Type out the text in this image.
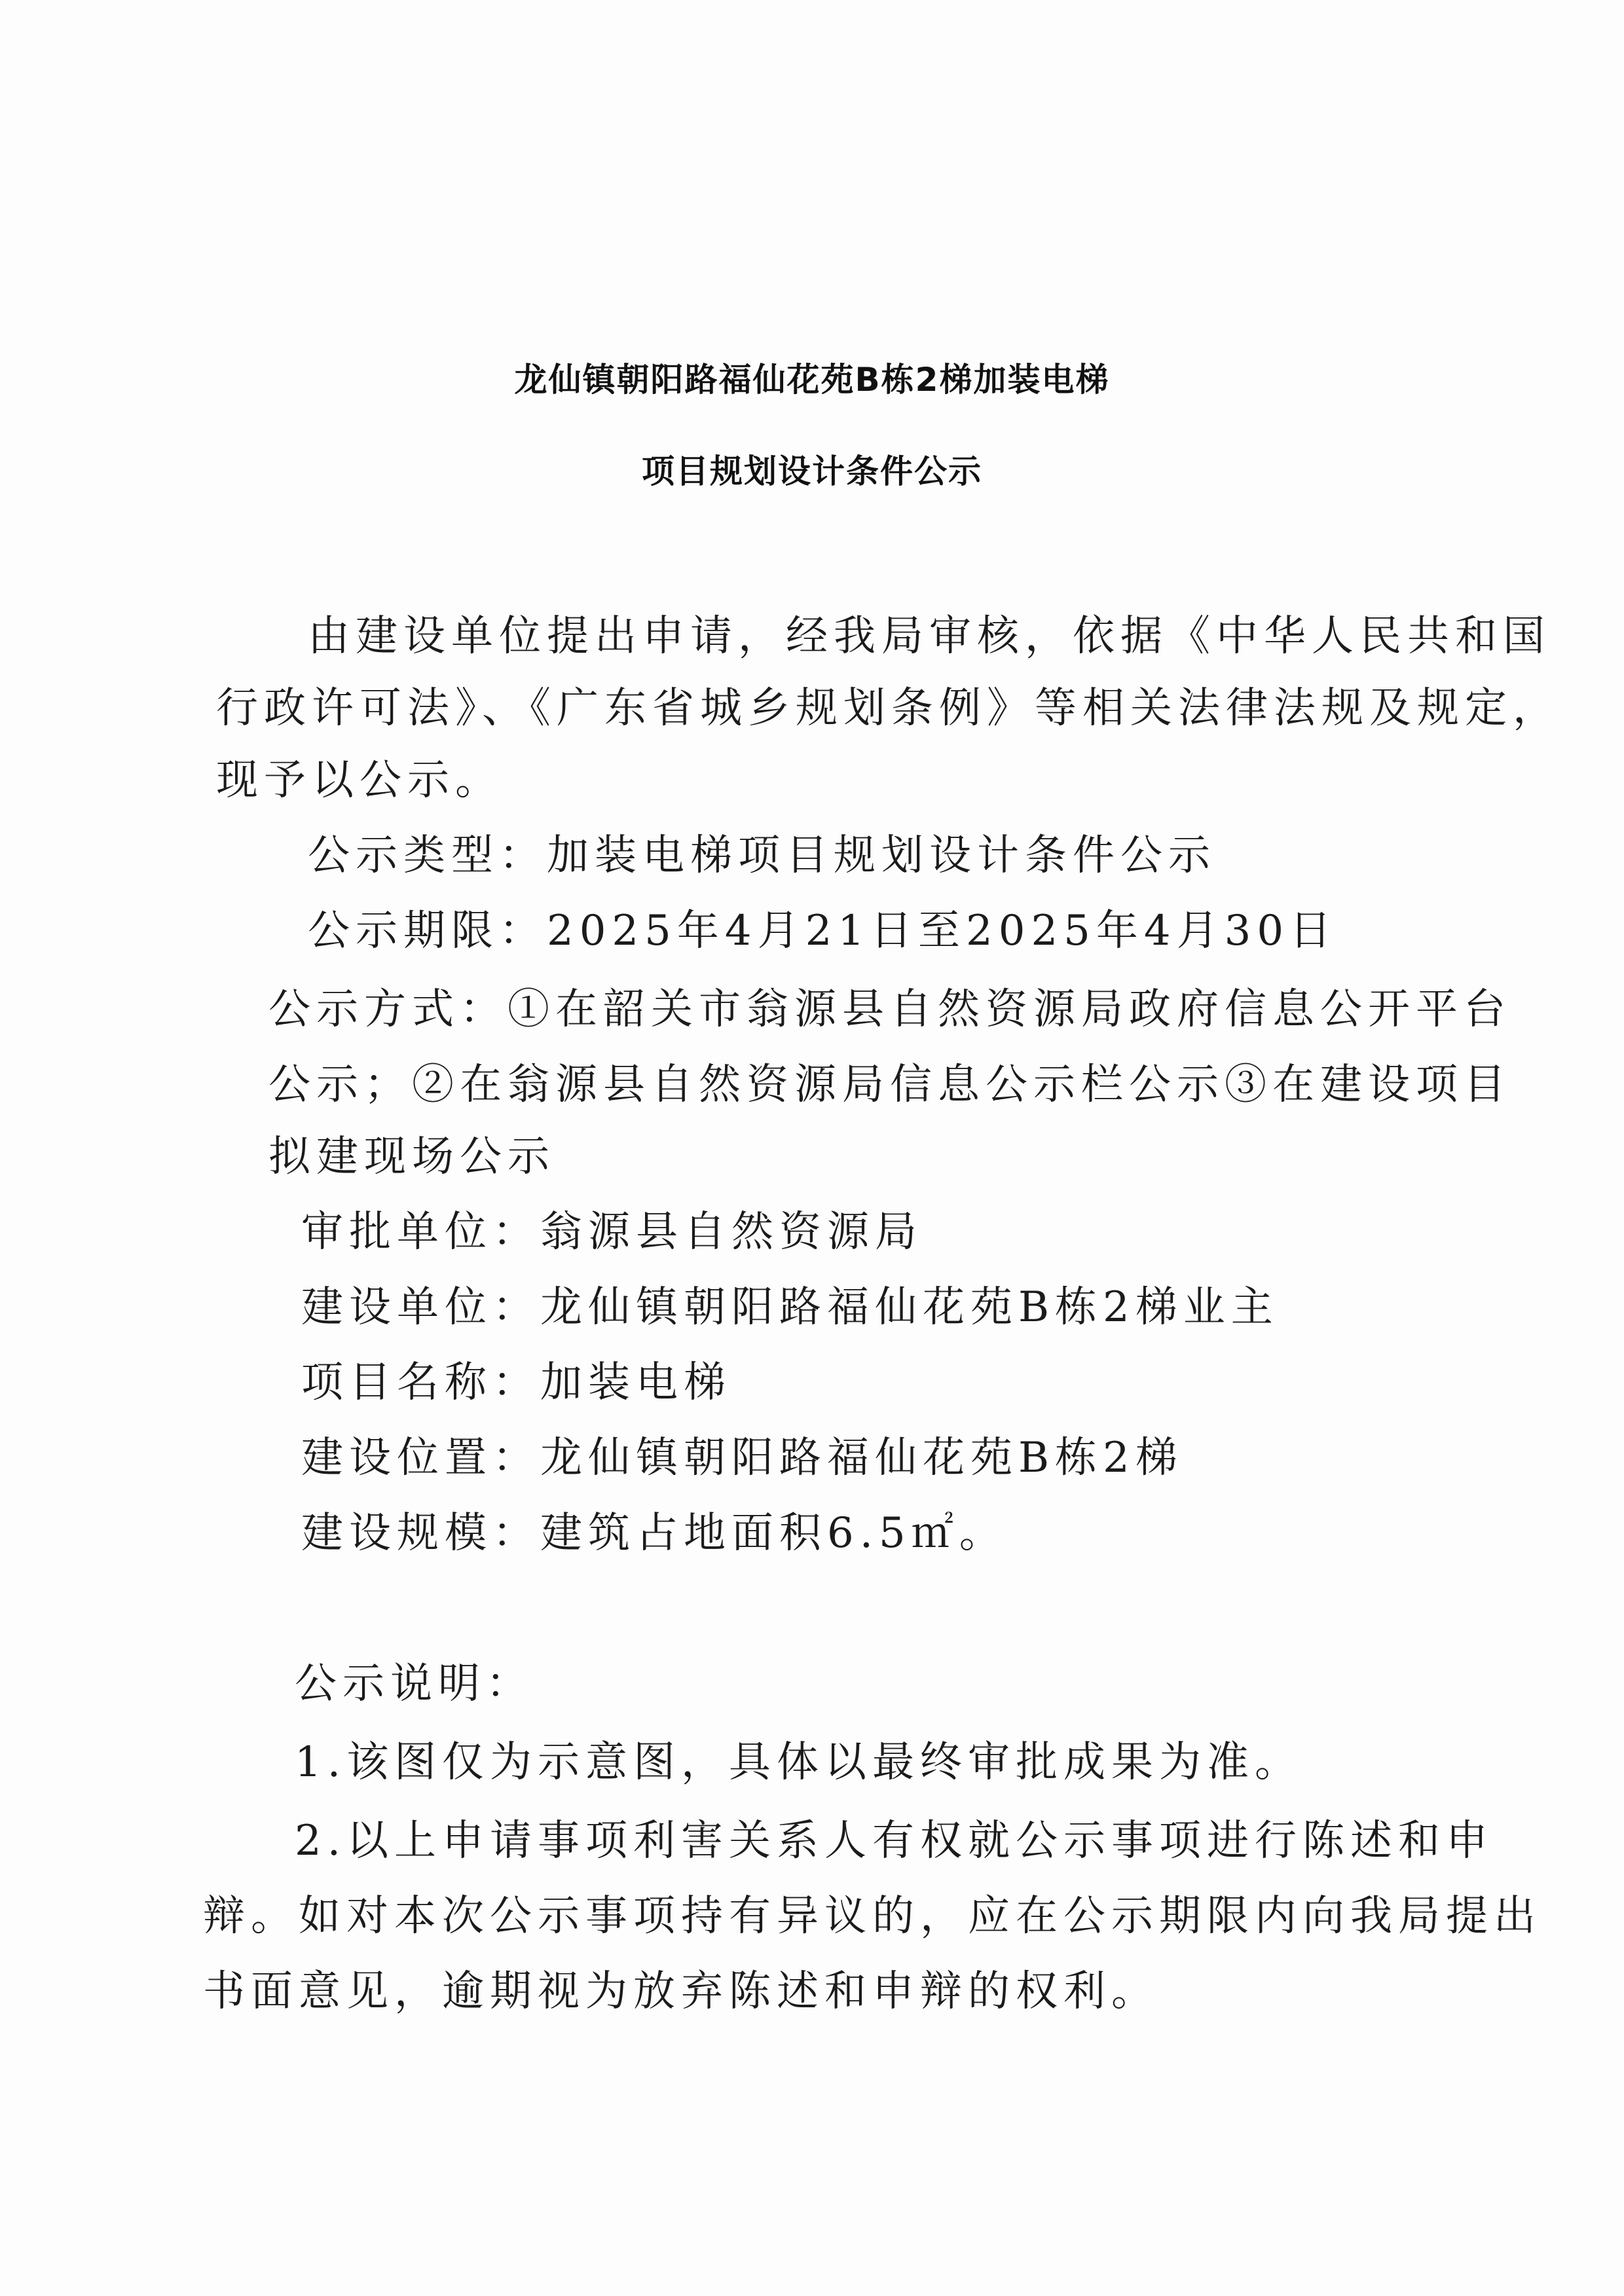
龙仙镇朝阳路福仙花苑B栋2梯加装电梯
项目规划设计条件公示
由建设单位提出申请，经我局审核，依据《中华人民共和国
行政许可法》、《广东省城乡规划条例》等相关法律法规及规定，
现予以公示。
公示类型：加装电梯项目规划设计条件公示
公示期限：2025年4月21日至2025年4月30日
公示方式：①在韶关市翁源县自然资源局政府信息公开平台
公示；②在翁源县自然资源局信息公示栏公示③在建设项目
拟建现场公示
审批单位：翁源县自然资源局
建设单位：龙仙镇朝阳路福仙花苑B栋2梯业主
项目名称：加装电梯
建设位置：龙仙镇朝阳路福仙花苑B栋2梯
建设规模：建筑占地面积6.5㎡。
公示说明：
1.该图仅为示意图，具体以最终审批成果为准。
2.以上申请事项利害关系人有权就公示事项进行陈述和申
辩。如对本次公示事项持有异议的，应在公示期限内向我局提出
书面意见，逾期视为放弃陈述和申辩的权利。
